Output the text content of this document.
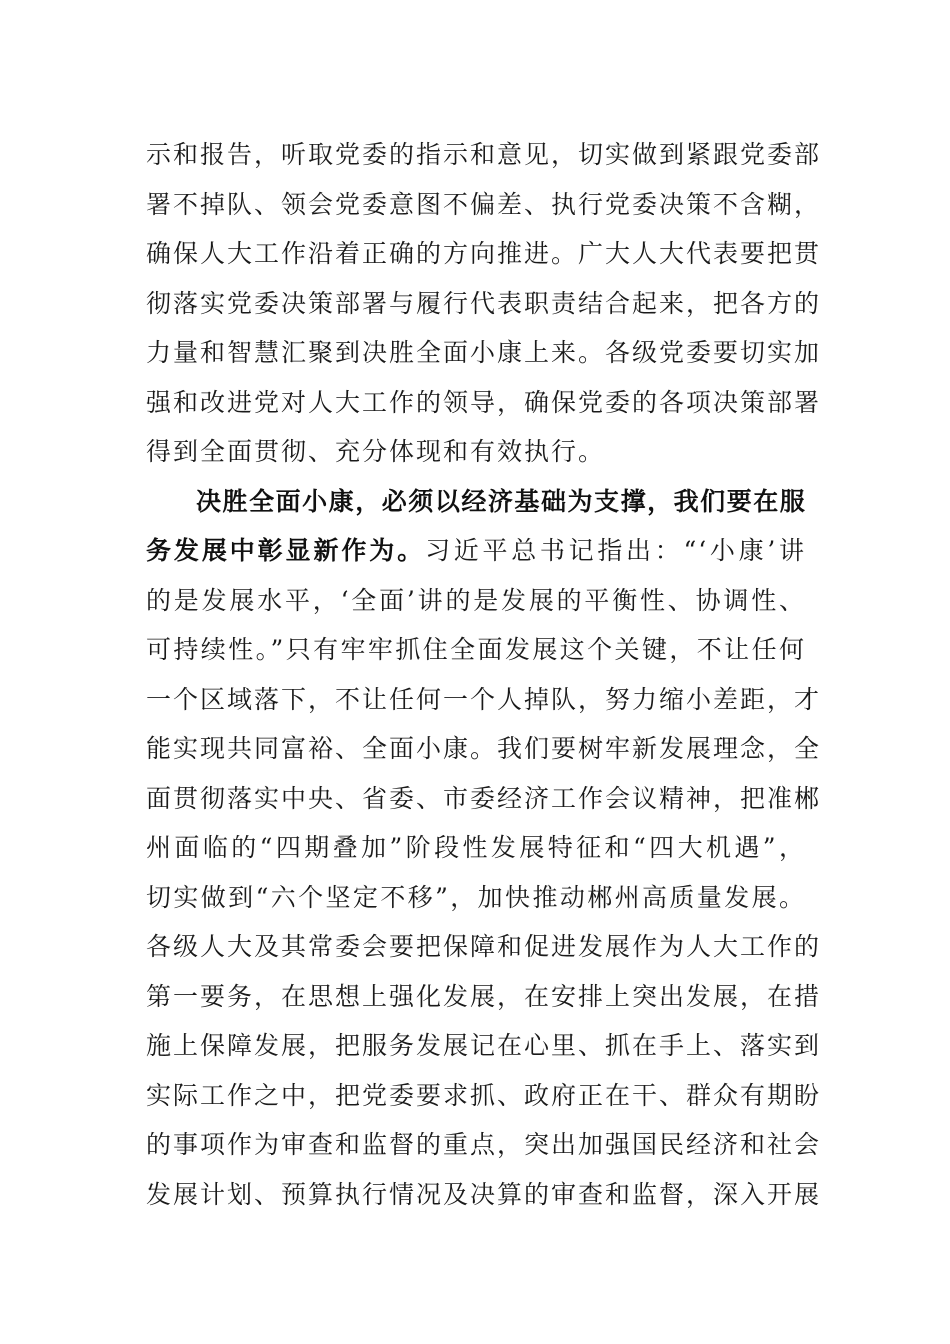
示和报告，听取党委的指示和意见，切实做到紧跟党委部
署不掉队、领会党委意图不偏差、执行党委决策不含糊，
确保人大工作沿着正确的方向推进。广大人大代表要把贯
彻落实党委决策部署与履行代表职责结合起来，把各方的
力量和智慧汇聚到决胜全面小康上来。各级党委要切实加
强和改进党对人大工作的领导，确保党委的各项决策部署
得到全面贯彻、充分体现和有效执行。
决胜全面小康，必须以经济基础为支撑，我们要在服
务发展中彰显新作为。习近平总书记指出：“‘小康’讲
的是发展水平，‘全面’讲的是发展的平衡性、协调性、
可持续性。”只有牢牢抓住全面发展这个关键，不让任何
一个区域落下，不让任何一个人掉队，努力缩小差距，才
能实现共同富裕、全面小康。我们要树牢新发展理念，全
面贯彻落实中央、省委、市委经济工作会议精神，把准郴
州面临的“四期叠加”阶段性发展特征和“四大机遇”，
切实做到“六个坚定不移”，加快推动郴州高质量发展。
各级人大及其常委会要把保障和促进发展作为人大工作的
第一要务，在思想上强化发展，在安排上突出发展，在措
施上保障发展，把服务发展记在心里、抓在手上、落实到
实际工作之中，把党委要求抓、政府正在干、群众有期盼
的事项作为审查和监督的重点，突出加强国民经济和社会
发展计划、预算执行情况及决算的审查和监督，深入开展
